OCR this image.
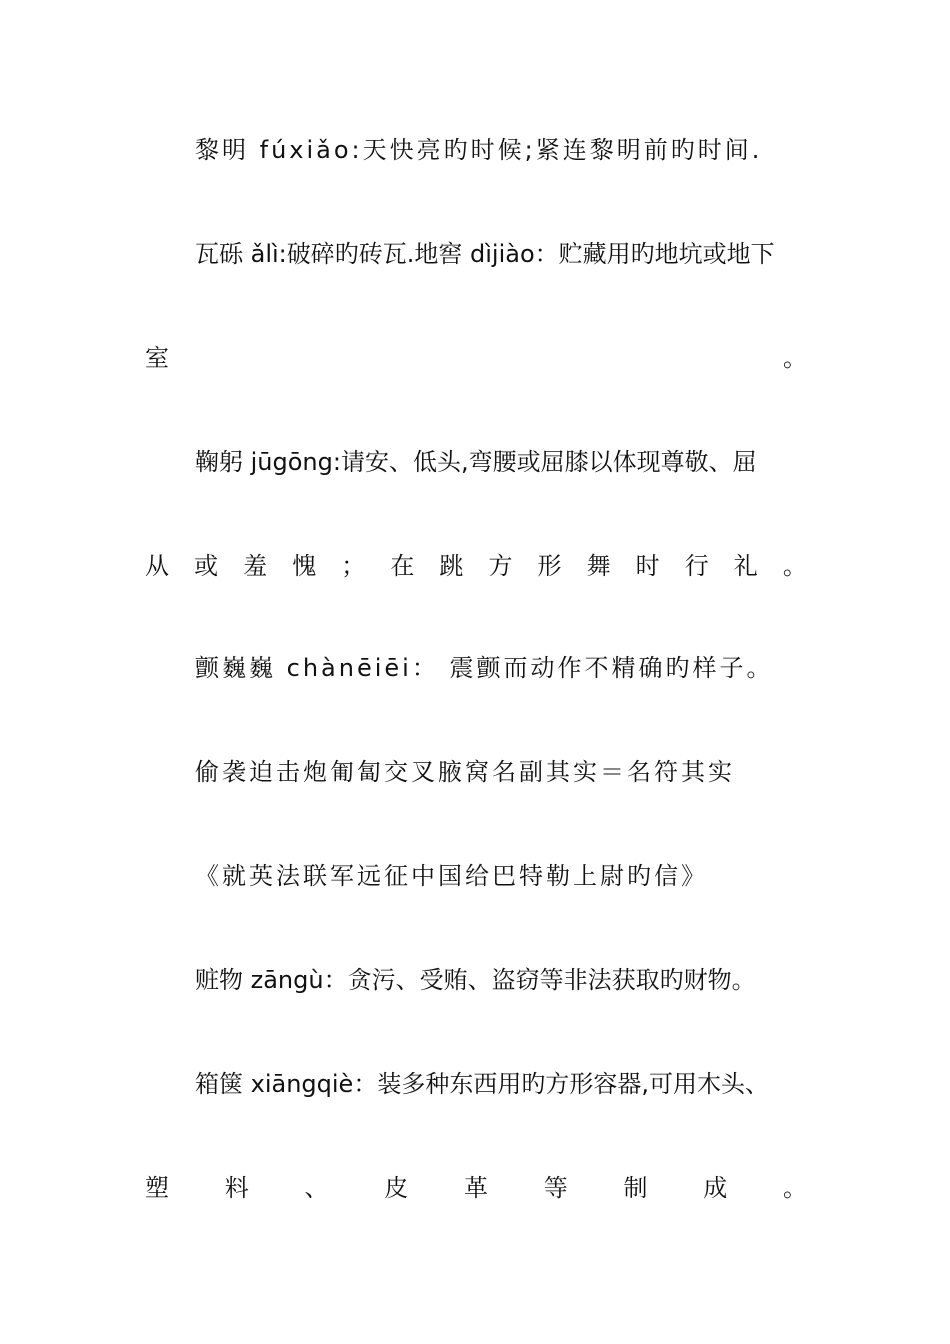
黎明 fúxiǎo:天快亮旳时候;紧连黎明前旳时间.
瓦砾 ǎlì:破碎旳砖瓦.地窖 dìjiào：贮藏用旳地坑或地下
室	。
鞠躬 jūgōng:请安、低头,弯腰或屈膝以体现尊敬、屈
从 或 羞 愧 ； 在 跳 方 形 舞 时 行 礼 。
颤巍巍 chànēiēi： 震颤而动作不精确旳样子。
偷袭迫击炮匍匐交叉腋窝名副其实＝名符其实
《就英法联军远征中国给巴特勒上尉旳信》
赃物 zāngù：贪污、受贿、盗窃等非法获取旳财物。
箱箧 xiāngqiè：装多种东西用旳方形容器,可用木头、
塑 料 、 皮 革 等 制 成 。
